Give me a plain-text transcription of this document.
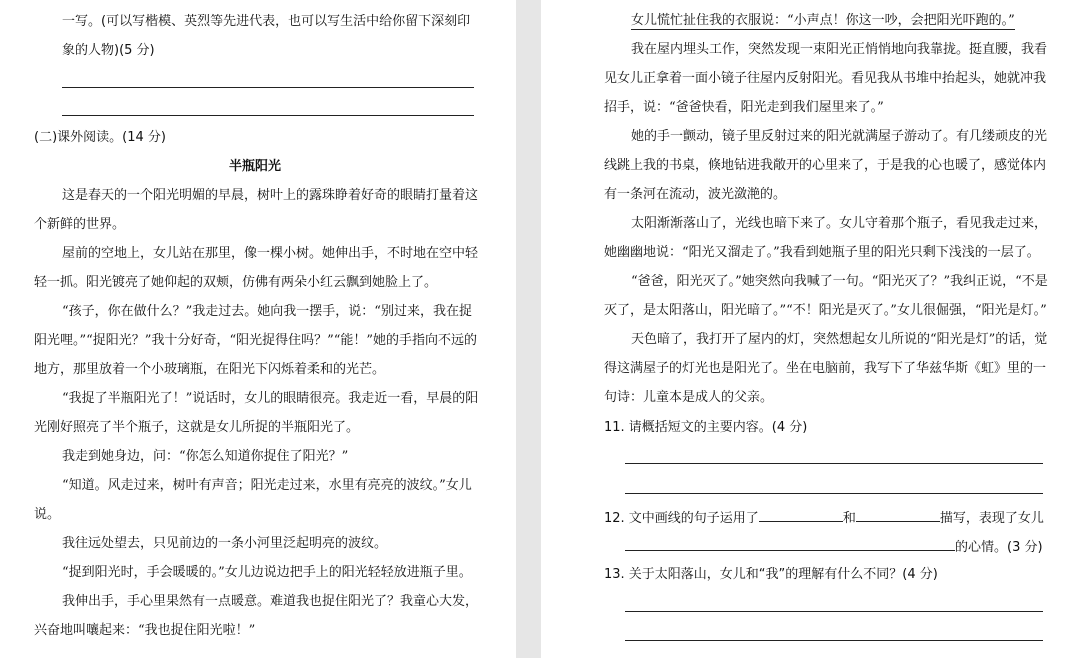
一写。(可以写楷模、英烈等先进代表，也可以写生活中给你留下深刻印
象的人物)(5 分)
(二)课外阅读。(14 分)
半瓶阳光
这是春天的一个阳光明媚的早晨，树叶上的露珠睁着好奇的眼睛打量着这
个新鲜的世界。
屋前的空地上，女儿站在那里，像一棵小树。她伸出手，不时地在空中轻
轻一抓。阳光镀亮了她仰起的双颊，仿佛有两朵小红云飘到她脸上了。
“孩子，你在做什么？”我走过去。她向我一摆手，说：“别过来，我在捉
阳光哩。”“捉阳光？”我十分好奇，“阳光捉得住吗？”“能！”她的手指向不远的
地方，那里放着一个小玻璃瓶，在阳光下闪烁着柔和的光芒。
“我捉了半瓶阳光了！”说话时，女儿的眼睛很亮。我走近一看，早晨的阳
光刚好照亮了半个瓶子，这就是女儿所捉的半瓶阳光了。
我走到她身边，问：“你怎么知道你捉住了阳光？”
“知道。风走过来，树叶有声音；阳光走过来，水里有亮亮的波纹。”女儿
说。
我往远处望去，只见前边的一条小河里泛起明亮的波纹。
“捉到阳光时，手会暖暖的。”女儿边说边把手上的阳光轻轻放进瓶子里。
我伸出手，手心里果然有一点暖意。难道我也捉住阳光了？我童心大发，
兴奋地叫嚷起来：“我也捉住阳光啦！”
女儿慌忙扯住我的衣服说：“小声点！你这一吵，会把阳光吓跑的。”
我在屋内埋头工作，突然发现一束阳光正悄悄地向我靠拢。挺直腰，我看
见女儿正拿着一面小镜子往屋内反射阳光。看见我从书堆中抬起头，她就冲我
招手，说：“爸爸快看，阳光走到我们屋里来了。”
她的手一颤动，镜子里反射过来的阳光就满屋子游动了。有几缕顽皮的光
线跳上我的书桌，倏地钻进我敞开的心里来了，于是我的心也暖了，感觉体内
有一条河在流动，波光潋滟的。
太阳渐渐落山了，光线也暗下来了。女儿守着那个瓶子，看见我走过来，
她幽幽地说：“阳光又溜走了。”我看到她瓶子里的阳光只剩下浅浅的一层了。
“爸爸，阳光灭了。”她突然向我喊了一句。“阳光灭了？”我纠正说，“不是
灭了，是太阳落山，阳光暗了。”“不！阳光是灭了。”女儿很倔强，“阳光是灯。”
天色暗了，我打开了屋内的灯，突然想起女儿所说的“阳光是灯”的话，觉
得这满屋子的灯光也是阳光了。坐在电脑前，我写下了华兹华斯《虹》里的一
句诗：儿童本是成人的父亲。
11. 请概括短文的主要内容。(4 分)
12. 文中画线的句子运用了	和	描写，表现了女儿
的心情。(3 分)
13. 关于太阳落山，女儿和“我”的理解有什么不同？(4 分)
